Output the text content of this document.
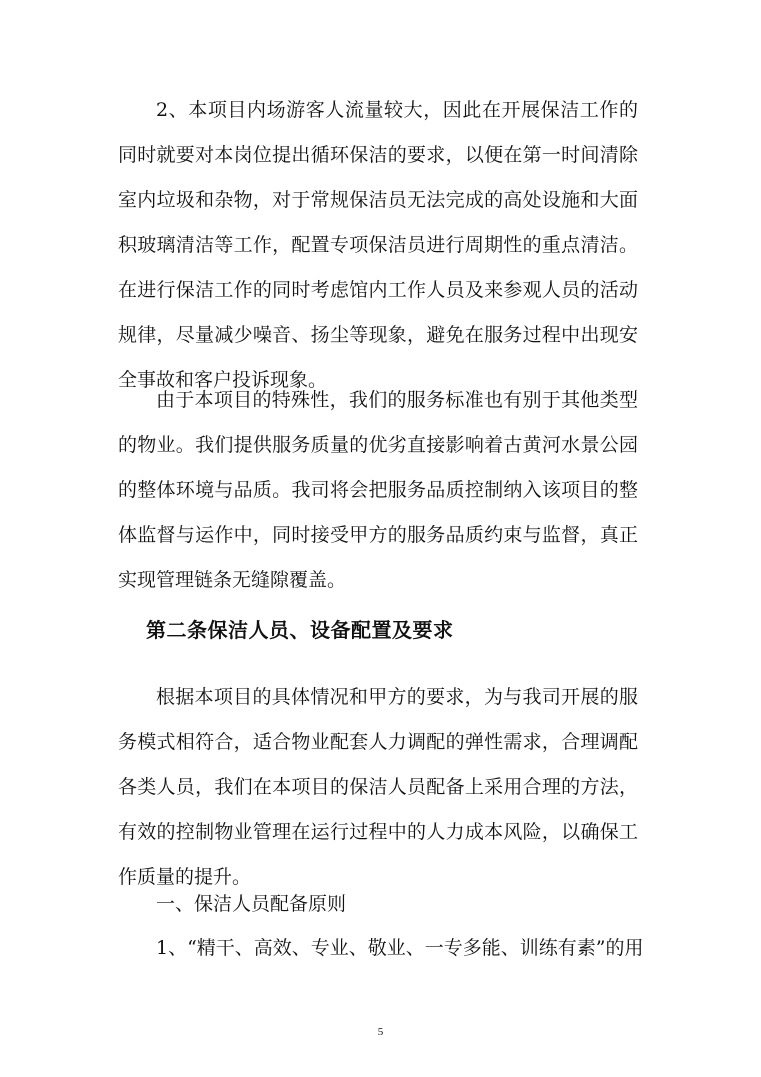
2、本项目内场游客人流量较大，因此在开展保洁工作的同时就要对本岗位提出循环保洁的要求，以便在第一时间清除室内垃圾和杂物，对于常规保洁员无法完成的高处设施和大面积玻璃清洁等工作，配置专项保洁员进行周期性的重点清洁。在进行保洁工作的同时考虑馆内工作人员及来参观人员的活动规律，尽量减少噪音、扬尘等现象，避免在服务过程中出现安全事故和客户投诉现象。

由于本项目的特殊性，我们的服务标准也有别于其他类型的物业。我们提供服务质量的优劣直接影响着古黄河水景公园的整体环境与品质。我司将会把服务品质控制纳入该项目的整体监督与运作中，同时接受甲方的服务品质约束与监督，真正实现管理链条无缝隙覆盖。

第二条保洁人员、设备配置及要求

根据本项目的具体情况和甲方的要求，为与我司开展的服务模式相符合，适合物业配套人力调配的弹性需求，合理调配各类人员，我们在本项目的保洁人员配备上采用合理的方法，有效的控制物业管理在运行过程中的人力成本风险，以确保工作质量的提升。

一、保洁人员配备原则

1、“精干、高效、专业、敬业、一专多能、训练有素”的用

5
